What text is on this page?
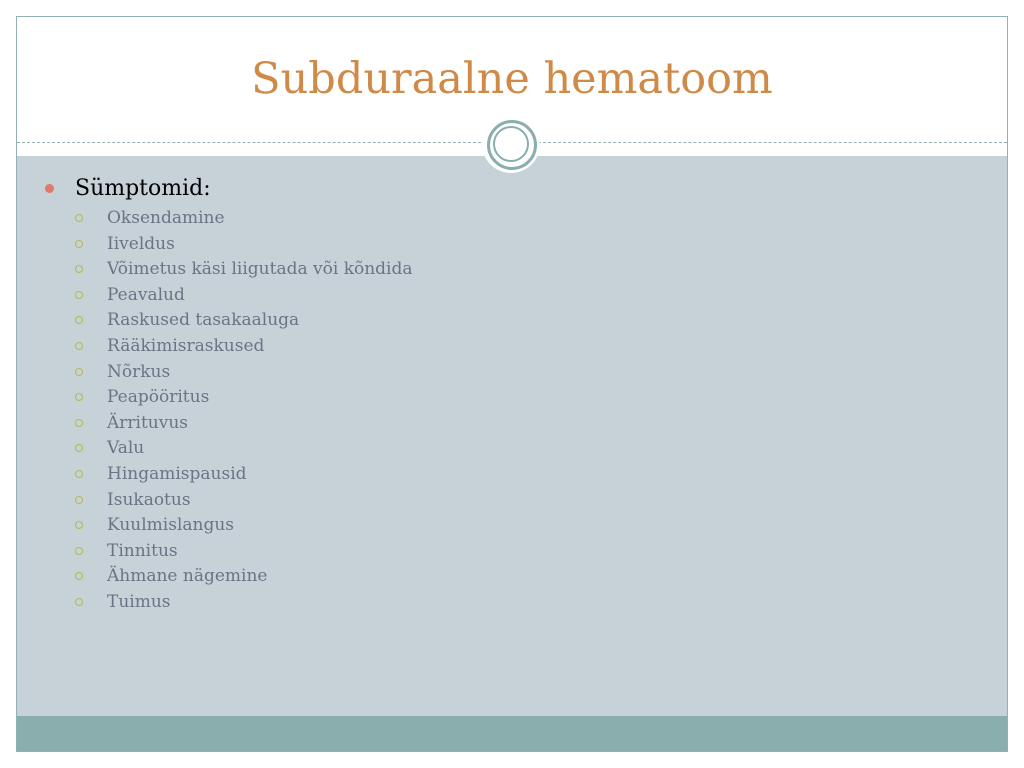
Subduraalne hematoom
Sümptomid:
Oksendamine
Iiveldus
Võimetus käsi liigutada või kõndida
Peavalud
Raskused tasakaaluga
Rääkimisraskused
Nõrkus
Peapööritus
Ärrituvus
Valu
Hingamispausid
Isukaotus
Kuulmislangus
Tinnitus
Ähmane nägemine
Tuimus
